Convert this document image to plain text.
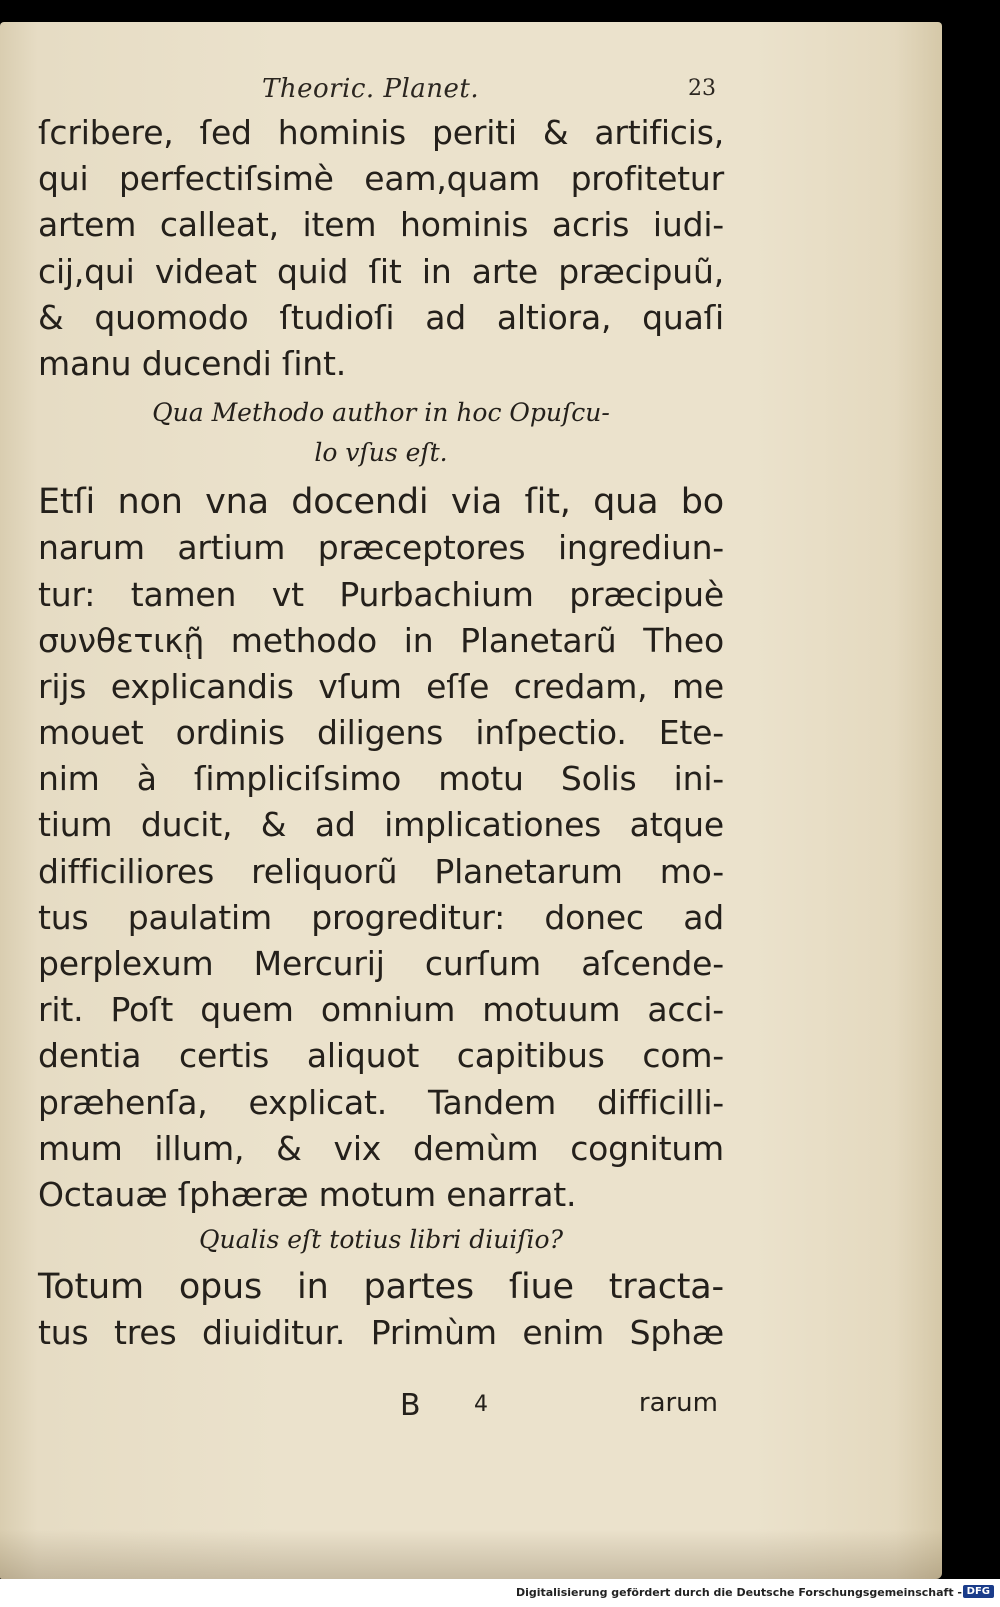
Theoric. Planet.	23
ſcribere, ſed hominis periti & artificis,
qui perfectiſsimè eam,quam profitetur
artem calleat, item hominis acris iudi-
cij,qui videat quid ſit in arte præcipuũ,
& quomodo ſtudioſi ad altiora, quaſi
manu ducendi ſint.
Qua Methodo author in hoc Opuſcu-
lo vſus eſt.
Etſi non vna docendi via ſit, qua bo
narum artium præceptores ingrediun-
tur: tamen vt Purbachium præcipuè
συνθετικῇ methodo in Planetarũ Theo
rijs explicandis vſum eſſe credam, me
mouet ordinis diligens inſpectio. Ete-
nim à ſimpliciſsimo motu Solis ini-
tium ducit, & ad implicationes atque
difficiliores reliquorũ Planetarum mo-
tus paulatim progreditur: donec ad
perplexum Mercurij curſum aſcende-
rit. Poſt quem omnium motuum acci-
dentia certis aliquot capitibus com-
præhenſa, explicat. Tandem difficilli-
mum illum, & vix demùm cognitum
Octauæ ſphæræ motum enarrat.
Qualis eſt totius libri diuiſio?
Totum opus in partes ſiue tracta-
tus tres diuiditur. Primùm enim Sphæ
B 4	rarum
Digitalisierung gefördert durch die Deutsche Forschungsgemeinschaft - DFG
